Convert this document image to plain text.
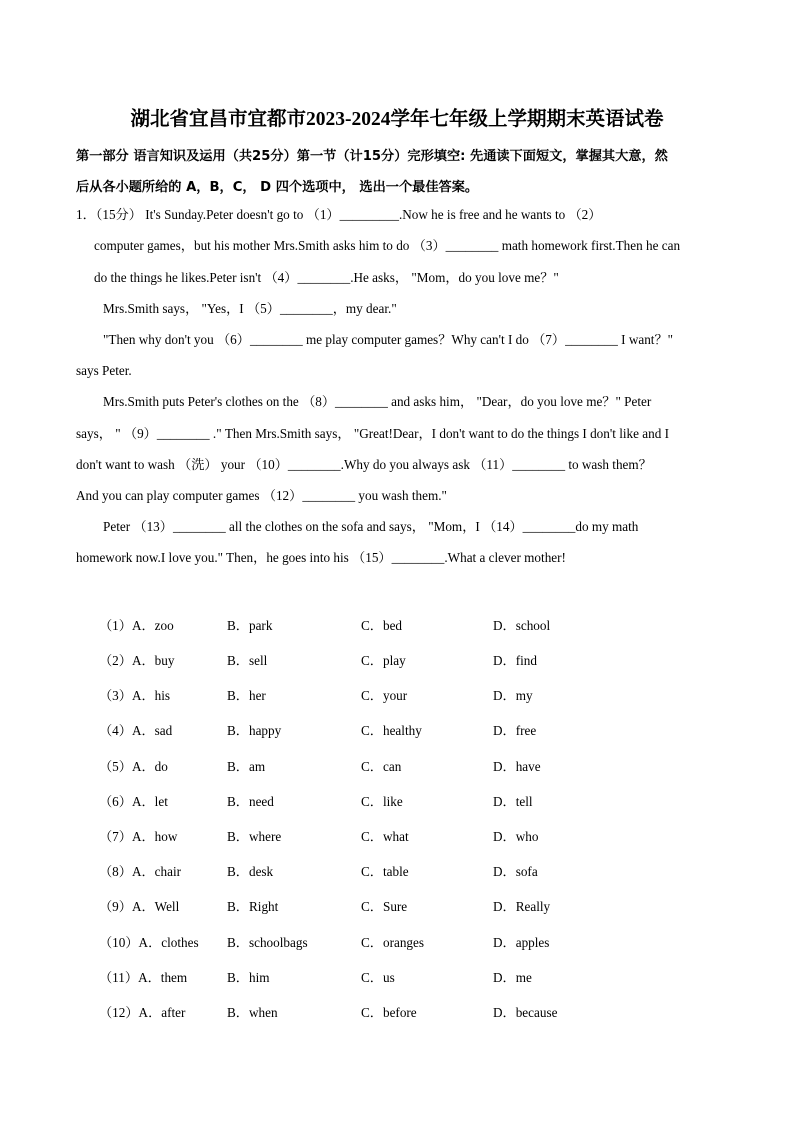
湖北省宜昌市宜都市2023-2024学年七年级上学期期末英语试卷
第一部分 语言知识及运用（共25分）第一节（计15分）完形填空: 先通读下面短文，掌握其大意，然
后从各小题所给的 A，B，C， D 四个选项中， 选出一个最佳答案。
1．（15分） It's Sunday.Peter doesn't go to （1）_________.Now he is free and he wants to （2）
computer games，but his mother Mrs.Smith asks him to do （3）________ math homework first.Then he can
do the things he likes.Peter isn't （4）________.He asks， "Mom，do you love me？"
Mrs.Smith says， "Yes，I （5）________，my dear."
"Then why don't you （6）________ me play computer games？Why can't I do （7）________ I want？"
says Peter.
Mrs.Smith puts Peter's clothes on the （8）________ and asks him， "Dear，do you love me？" Peter
says， " （9）________ ." Then Mrs.Smith says， "Great!Dear，I don't want to do the things I don't like and I
don't want to wash （洗） your （10）________.Why do you always ask （11）________ to wash them？
And you can play computer games （12）________ you wash them."
Peter （13）________ all the clothes on the sofa and says， "Mom，I （14）________do my math
homework now.I love you." Then，he goes into his （15）________.What a clever mother!
（1）A．zoo	B．park	C．bed	D．school
（2）A．buy	B．sell	C．play	D．find
（3）A．his	B．her	C．your	D．my
（4）A．sad	B．happy	C．healthy	D．free
（5）A．do	B．am	C．can	D．have
（6）A．let	B．need	C．like	D．tell
（7）A．how	B．where	C．what	D．who
（8）A．chair	B．desk	C．table	D．sofa
（9）A．Well	B．Right	C．Sure	D．Really
（10）A．clothes B．schoolbags	C．oranges	D．apples
（11）A．them	B．him	C．us	D．me
（12）A．after	B．when	C．before	D．because
